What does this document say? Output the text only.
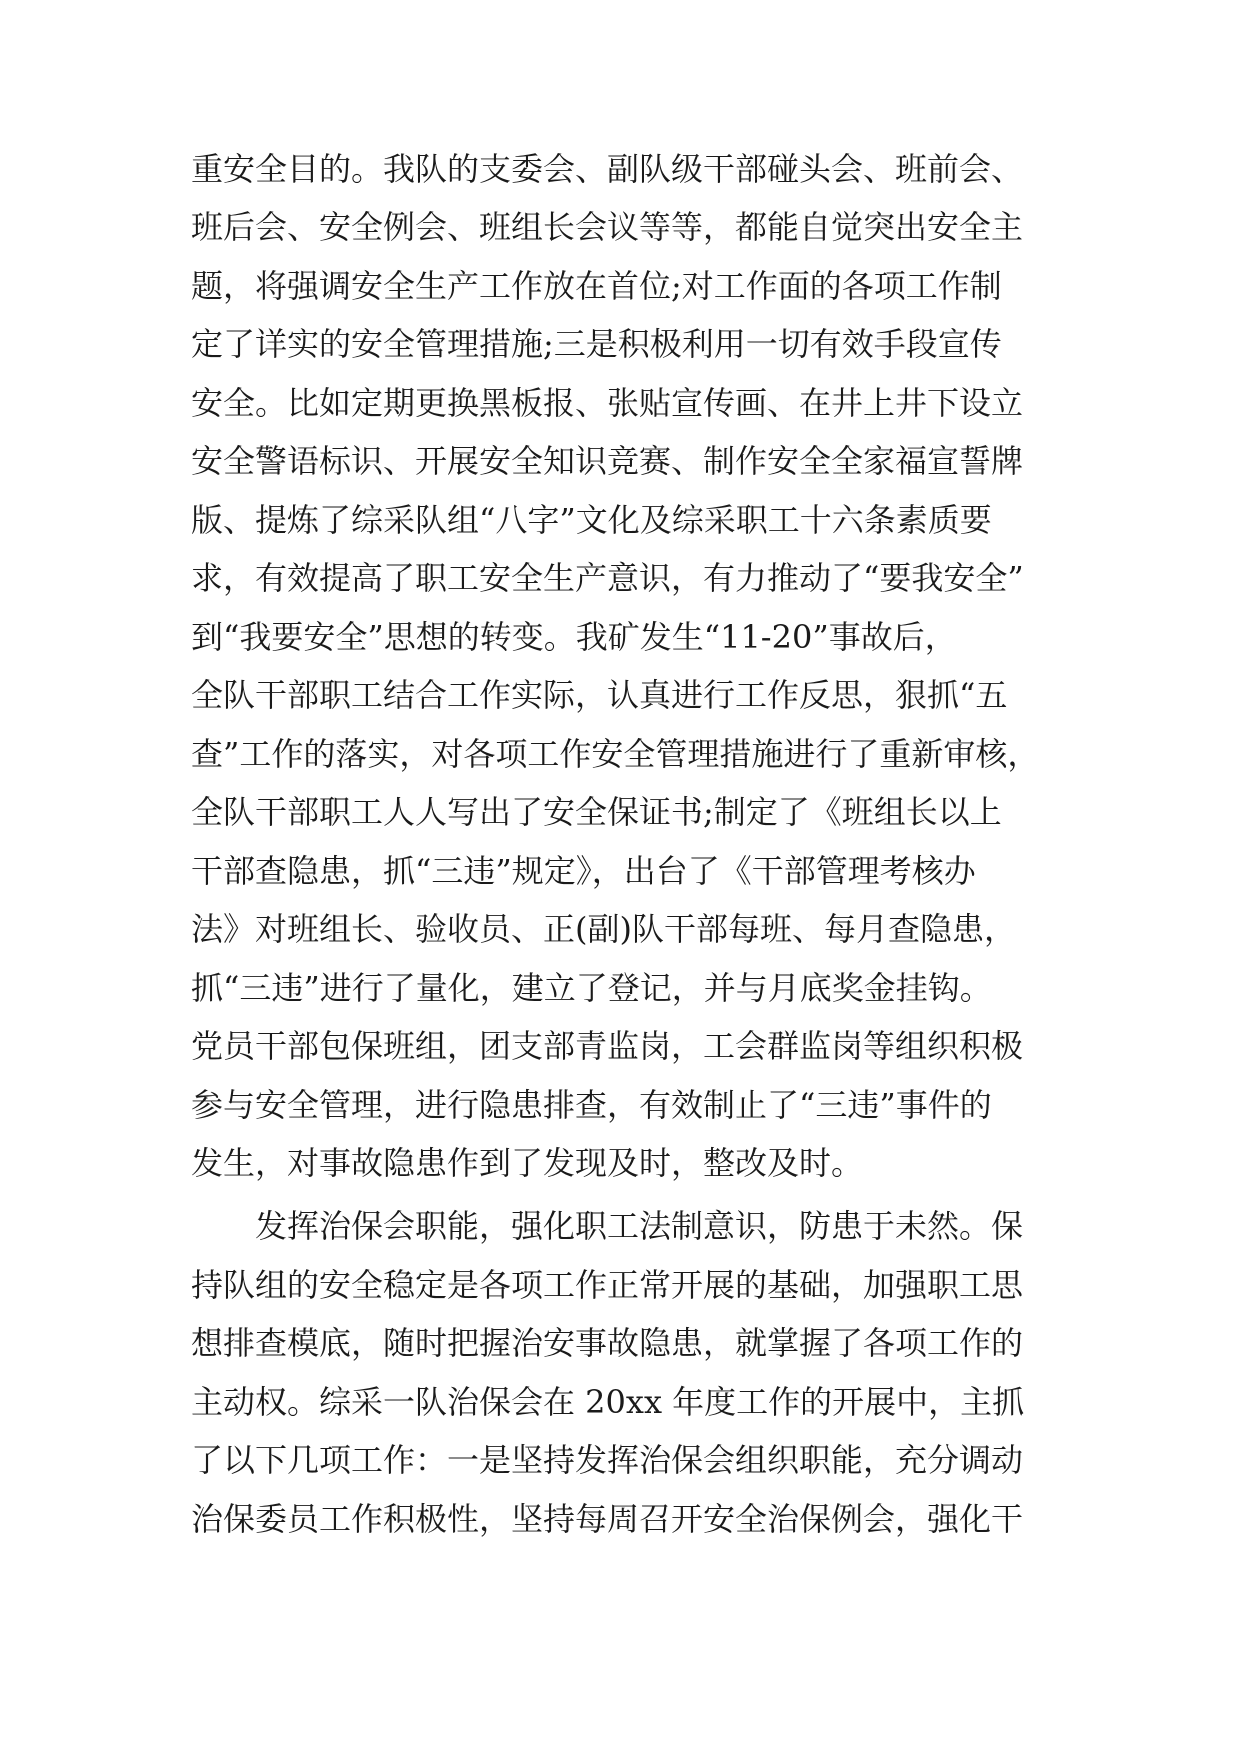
重安全目的。我队的支委会、副队级干部碰头会、班前会、
班后会、安全例会、班组长会议等等，都能自觉突出安全主
题，将强调安全生产工作放在首位;对工作面的各项工作制
定了详实的安全管理措施;三是积极利用一切有效手段宣传
安全。比如定期更换黑板报、张贴宣传画、在井上井下设立
安全警语标识、开展安全知识竞赛、制作安全全家福宣誓牌
版、提炼了综采队组“八字”文化及综采职工十六条素质要
求，有效提高了职工安全生产意识，有力推动了“要我安全”
到“我要安全”思想的转变。我矿发生“11-20”事故后，
全队干部职工结合工作实际，认真进行工作反思，狠抓“五
查”工作的落实，对各项工作安全管理措施进行了重新审核，
全队干部职工人人写出了安全保证书;制定了《班组长以上
干部查隐患，抓“三违”规定》，出台了《干部管理考核办
法》对班组长、验收员、正(副)队干部每班、每月查隐患，
抓“三违”进行了量化，建立了登记，并与月底奖金挂钩。
党员干部包保班组，团支部青监岗，工会群监岗等组织积极
参与安全管理，进行隐患排查，有效制止了“三违”事件的
发生，对事故隐患作到了发现及时，整改及时。
发挥治保会职能，强化职工法制意识，防患于未然。保
持队组的安全稳定是各项工作正常开展的基础，加强职工思
想排查模底，随时把握治安事故隐患，就掌握了各项工作的
主动权。综采一队治保会在 20xx 年度工作的开展中，主抓
了以下几项工作：一是坚持发挥治保会组织职能，充分调动
治保委员工作积极性，坚持每周召开安全治保例会，强化干
